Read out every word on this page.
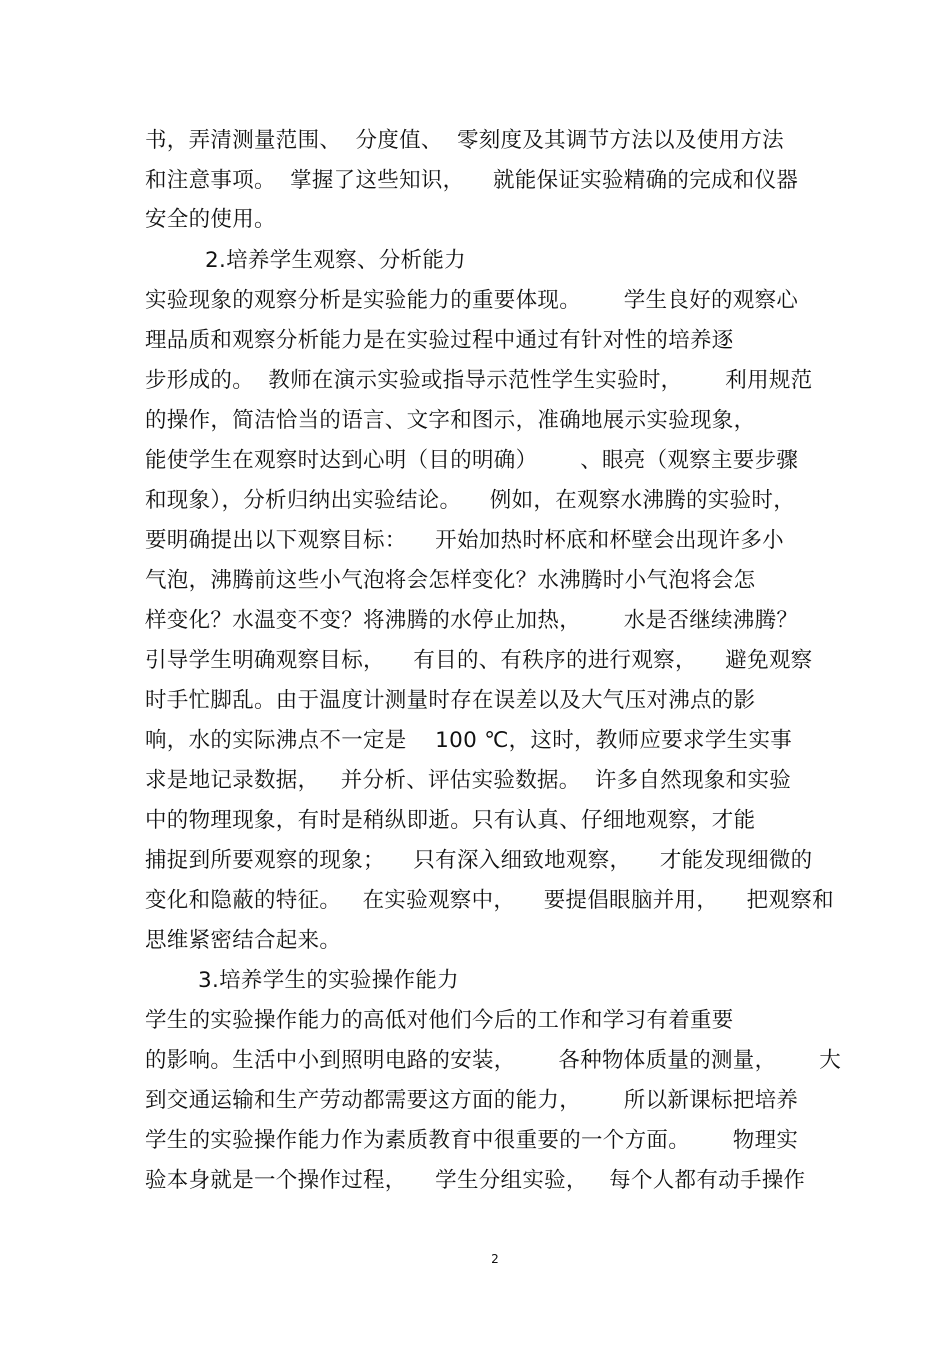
书，弄清测量范围、  分度值、  零刻度及其调节方法以及使用方法
和注意事项。  掌握了这些知识，    就能保证实验精确的完成和仪器
安全的使用。
2.培养学生观察、分析能力
实验现象的观察分析是实验能力的重要体现。      学生良好的观察心
理品质和观察分析能力是在实验过程中通过有针对性的培养逐
步形成的。  教师在演示实验或指导示范性学生实验时，      利用规范
的操作，简洁恰当的语言、文字和图示，准确地展示实验现象，
能使学生在观察时达到心明（目的明确）      、眼亮（观察主要步骤
和现象），分析归纳出实验结论。    例如，在观察水沸腾的实验时，
要明确提出以下观察目标：    开始加热时杯底和杯壁会出现许多小
气泡，沸腾前这些小气泡将会怎样变化？水沸腾时小气泡将会怎
样变化？水温变不变？将沸腾的水停止加热，      水是否继续沸腾？
引导学生明确观察目标，    有目的、有秩序的进行观察，    避免观察
时手忙脚乱。由于温度计测量时存在误差以及大气压对沸点的影
响，水的实际沸点不一定是    100 ℃，这时，教师应要求学生实事
求是地记录数据，   并分析、评估实验数据。  许多自然现象和实验
中的物理现象，有时是稍纵即逝。只有认真、仔细地观察，才能
捕捉到所要观察的现象；    只有深入细致地观察，    才能发现细微的
变化和隐蔽的特征。   在实验观察中，    要提倡眼脑并用，    把观察和
思维紧密结合起来。
3.培养学生的实验操作能力
学生的实验操作能力的高低对他们今后的工作和学习有着重要
的影响。生活中小到照明电路的安装，      各种物体质量的测量，      大
到交通运输和生产劳动都需要这方面的能力，      所以新课标把培养
学生的实验操作能力作为素质教育中很重要的一个方面。      物理实
验本身就是一个操作过程，    学生分组实验，   每个人都有动手操作
2
